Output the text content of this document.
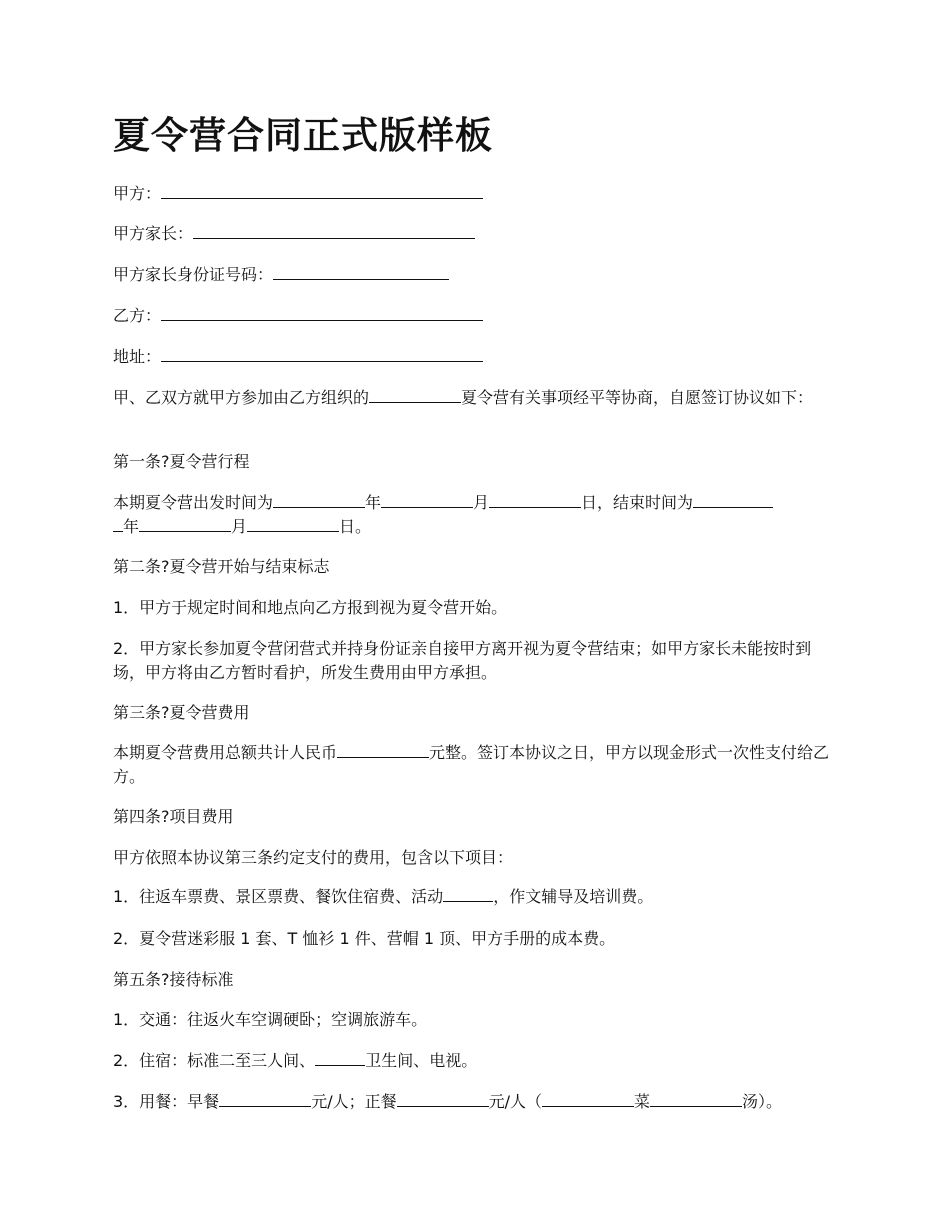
夏令营合同正式版样板
甲方：
甲方家长：
甲方家长身份证号码：
乙方：
地址：
甲、乙双方就甲方参加由乙方组织的	夏令营有关事项经平等协商，自愿签订协议如下：
第一条?夏令营行程
本期夏令营出发时间为	年	月	日，结束时间为
年	月	日。
第二条?夏令营开始与结束标志
1．甲方于规定时间和地点向乙方报到视为夏令营开始。
2．甲方家长参加夏令营闭营式并持身份证亲自接甲方离开视为夏令营结束；如甲方家长未能按时到场，甲方将由乙方暂时看护，所发生费用由甲方承担。
第三条?夏令营费用
本期夏令营费用总额共计人民币	元整。签订本协议之日，甲方以现金形式一次性支付给乙方。
第四条?项目费用
甲方依照本协议第三条约定支付的费用，包含以下项目：
1．往返车票费、景区票费、餐饮住宿费、活动	，作文辅导及培训费。
2．夏令营迷彩服 1 套、T 恤衫 1 件、营帽 1 顶、甲方手册的成本费。
第五条?接待标准
1．交通：往返火车空调硬卧；空调旅游车。
2．住宿：标准二至三人间、	卫生间、电视。
3．用餐：早餐	元/人；正餐	元/人（	菜	汤）。
